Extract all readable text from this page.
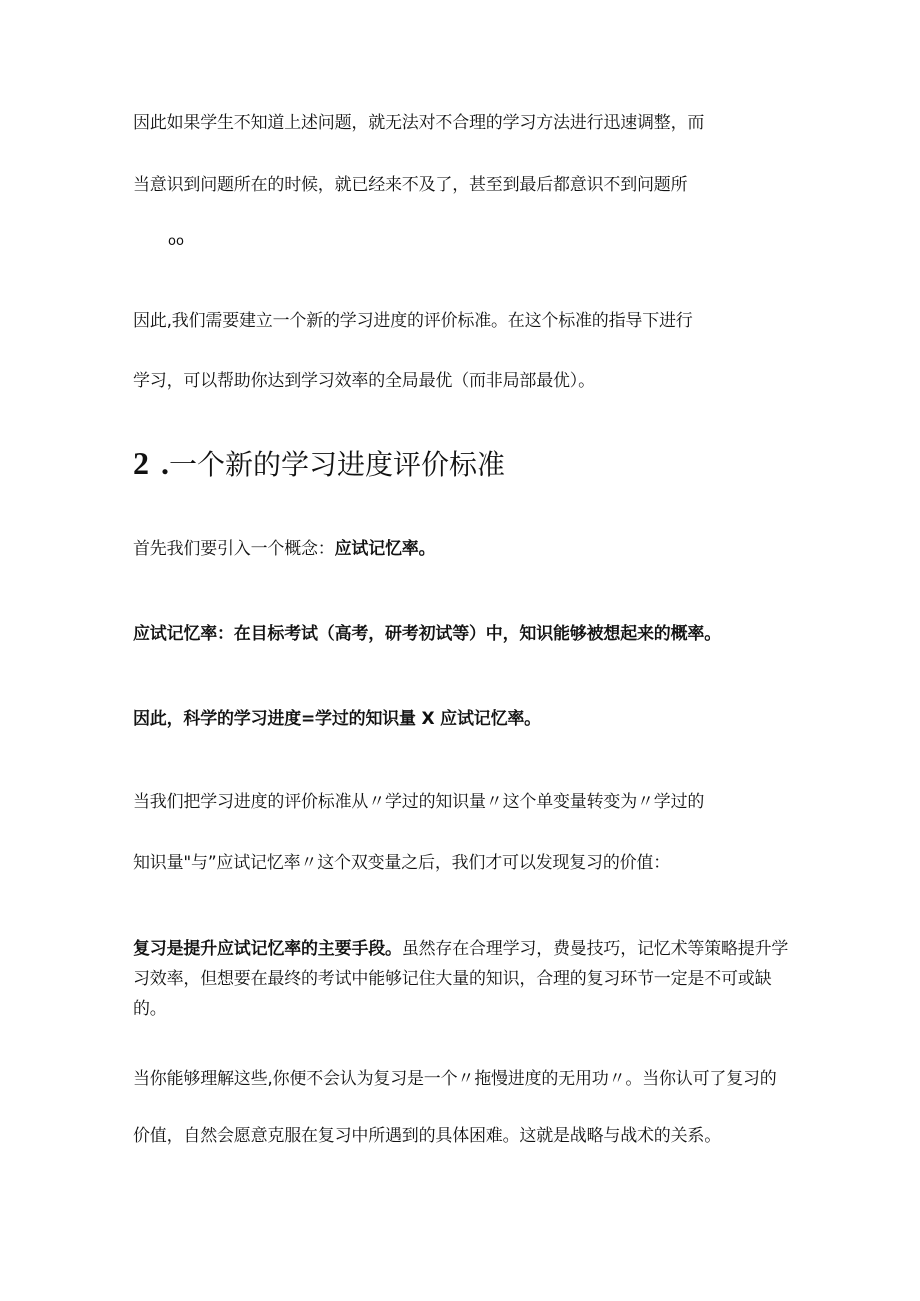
因此如果学生不知道上述问题，就无法对不合理的学习方法进行迅速调整，而
当意识到问题所在的时候，就已经来不及了，甚至到最后都意识不到问题所
oo
因此,我们需要建立一个新的学习进度的评价标准。在这个标准的指导下进行
学习，可以帮助你达到学习效率的全局最优（而非局部最优）。
2 .一个新的学习进度评价标准
首先我们要引入一个概念：应试记忆率。
应试记忆率：在目标考试（高考，研考初试等）中，知识能够被想起来的概率。
因此，科学的学习进度=学过的知识量 X 应试记忆率。
当我们把学习进度的评价标准从〃学过的知识量〃这个单变量转变为〃学过的
知识量"与”应试记忆率〃这个双变量之后，我们才可以发现复习的价值：
复习是提升应试记忆率的主要手段。虽然存在合理学习，费曼技巧，记忆术等策略提升学习效率，但想要在最终的考试中能够记住大量的知识，合理的复习环节一定是不可或缺的。
当你能够理解这些,你便不会认为复习是一个〃拖慢进度的无用功〃。当你认可了复习的
价值，自然会愿意克服在复习中所遇到的具体困难。这就是战略与战术的关系。
